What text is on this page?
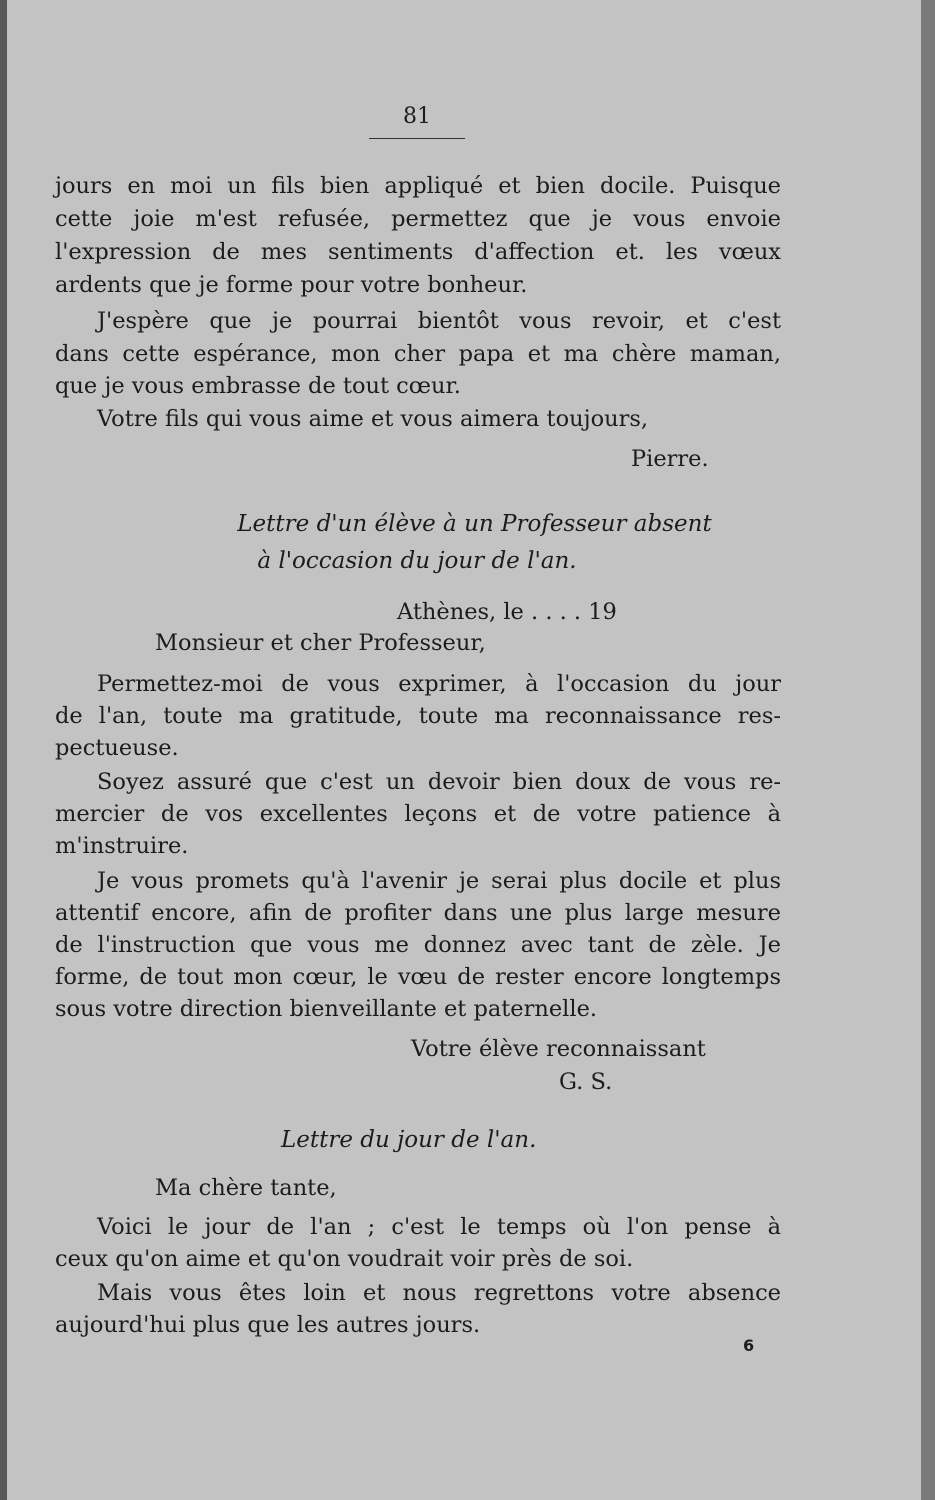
81
jours en moi un fils bien appliqué et bien docile. Puisque
cette joie m'est refusée, permettez que je vous envoie
l'expression de mes sentiments d'affection et. les vœux
ardents que je forme pour votre bonheur.
J'espère que je pourrai bientôt vous revoir, et c'est
dans cette espérance, mon cher papa et ma chère maman,
que je vous embrasse de tout cœur.
Votre fils qui vous aime et vous aimera toujours,
Pierre.
Lettre d'un élève à un Professeur absent
à l'occasion du jour de l'an.
Athènes, le . . . . 19
Monsieur et cher Professeur,
Permettez-moi de vous exprimer, à l'occasion du jour
de l'an, toute ma gratitude, toute ma reconnaissance res-
pectueuse.
Soyez assuré que c'est un devoir bien doux de vous re-
mercier de vos excellentes leçons et de votre patience à
m'instruire.
Je vous promets qu'à l'avenir je serai plus docile et plus
attentif encore, afin de profiter dans une plus large mesure
de l'instruction que vous me donnez avec tant de zèle. Je
forme, de tout mon cœur, le vœu de rester encore longtemps
sous votre direction bienveillante et paternelle.
Votre élève reconnaissant
G. S.
Lettre du jour de l'an.
Ma chère tante,
Voici le jour de l'an ; c'est le temps où l'on pense à
ceux qu'on aime et qu'on voudrait voir près de soi.
Mais vous êtes loin et nous regrettons votre absence
aujourd'hui plus que les autres jours.
6
